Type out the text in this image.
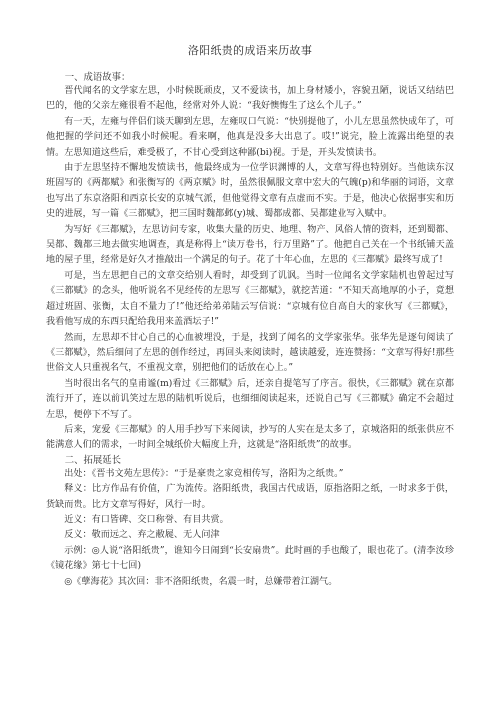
洛阳纸贵的成语来历故事

一、成语故事：

晋代闻名的文学家左思，小时候既顽皮，又不爱读书，加上身材矮小，容貌丑陋，说话又结结巴巴的，他的父亲左雍很看不起他，经常对外人说：“我好懊悔生了这么个儿子。”

有一天，左雍与伴侣们谈天聊到左思，左雍叹口气说：“快别提他了，小儿左思虽然快成年了，可他把握的学问还不如我小时候呢。看来啊，他真是没多大出息了。哎!”说完，脸上流露出绝望的表情。左思知道这些后，难受极了，不甘心受到这种鄙(bi)视。于是，开头发愤读书。

由于左思坚持不懈地发愤读书，他最终成为一位学识渊博的人，文章写得也特别好。当他读东汉班固写的《两都赋》和张衡写的《两京赋》时，虽然很佩服文章中宏大的气魄(p)和华丽的词语，文章也写出了东京洛阳和西京长安的京城气派，但他觉得文章有点虚而不实。于是，他决心依据事实和历史的进展，写一篇《三都赋》，把三国时魏都邺(y)城、蜀都成都、吴都建业写入赋中。

为写好《三都赋》，左思访问专家，收集大量的历史、地理、物产、风俗人情的资料，还到蜀都、吴都、魏都三地去做实地调查，真是称得上“读万卷书，行万里路”了。他把自己关在一个书纸铺天盖地的屋子里，经常是好久才推敲出一个满足的句子。花了十年心血，左思的《三都赋》最终写成了!

可是，当左思把自己的文章交给别人看时，却受到了讥讽。当时一位闻名文学家陆机也曾起过写《三都赋》的念头，他听说名不见经传的左思写《三都赋》，就挖苦道：“不知天高地厚的小子，竟想超过班固、张衡，太自不量力了!”他还给弟弟陆云写信说：“京城有位自高自大的家伙写《三都赋》，我看他写成的东西只配给我用来盖酒坛子!”

然而，左思却不甘心自己的心血被埋没，于是，找到了闻名的文学家张华。张华先是逐句阅读了《三都赋》，然后细问了左思的创作经过，再回头来阅读时，越读越爱，连连赞扬：“文章写得好!那些世俗文人只重视名气，不重视文章，别把他们的话放在心上。”

当时很出名气的皇甫谧(m)看过《三都赋》后，还亲自提笔写了序言。很快，《三都赋》就在京都流行开了，连以前讥笑过左思的陆机听说后，也细细阅读起来，还说自己写《三都赋》确定不会超过左思，便停下不写了。

后来，宠爱《三都赋》的人用手抄写下来阅读，抄写的人实在是太多了，京城洛阳的纸张供应不能满意人们的需求，一时间全城纸价大幅度上升，这就是“洛阳纸贵”的故事。

二、拓展延长

出处：《晋书文苑左思传》：“于是豪贵之家竞相传写，洛阳为之纸贵。”

释义：比方作品有价值，广为流传。洛阳纸贵，我国古代成语，原指洛阳之纸，一时求多于供，货缺而贵。比方文章写得好，风行一时。

近义：有口皆碑、交口称誉、有目共赏。

反义：敬而远之、弃之敝屣、无人问津

示例：◎人说“洛阳纸贵”，谁知今日闹到“长安扇贵”。此时画的手也酸了，眼也花了。(清李汝珍《镜花缘》第七十七回)

◎《孽海花》其次回：非不洛阳纸贵，名震一时，总嫌带着江湖气。
